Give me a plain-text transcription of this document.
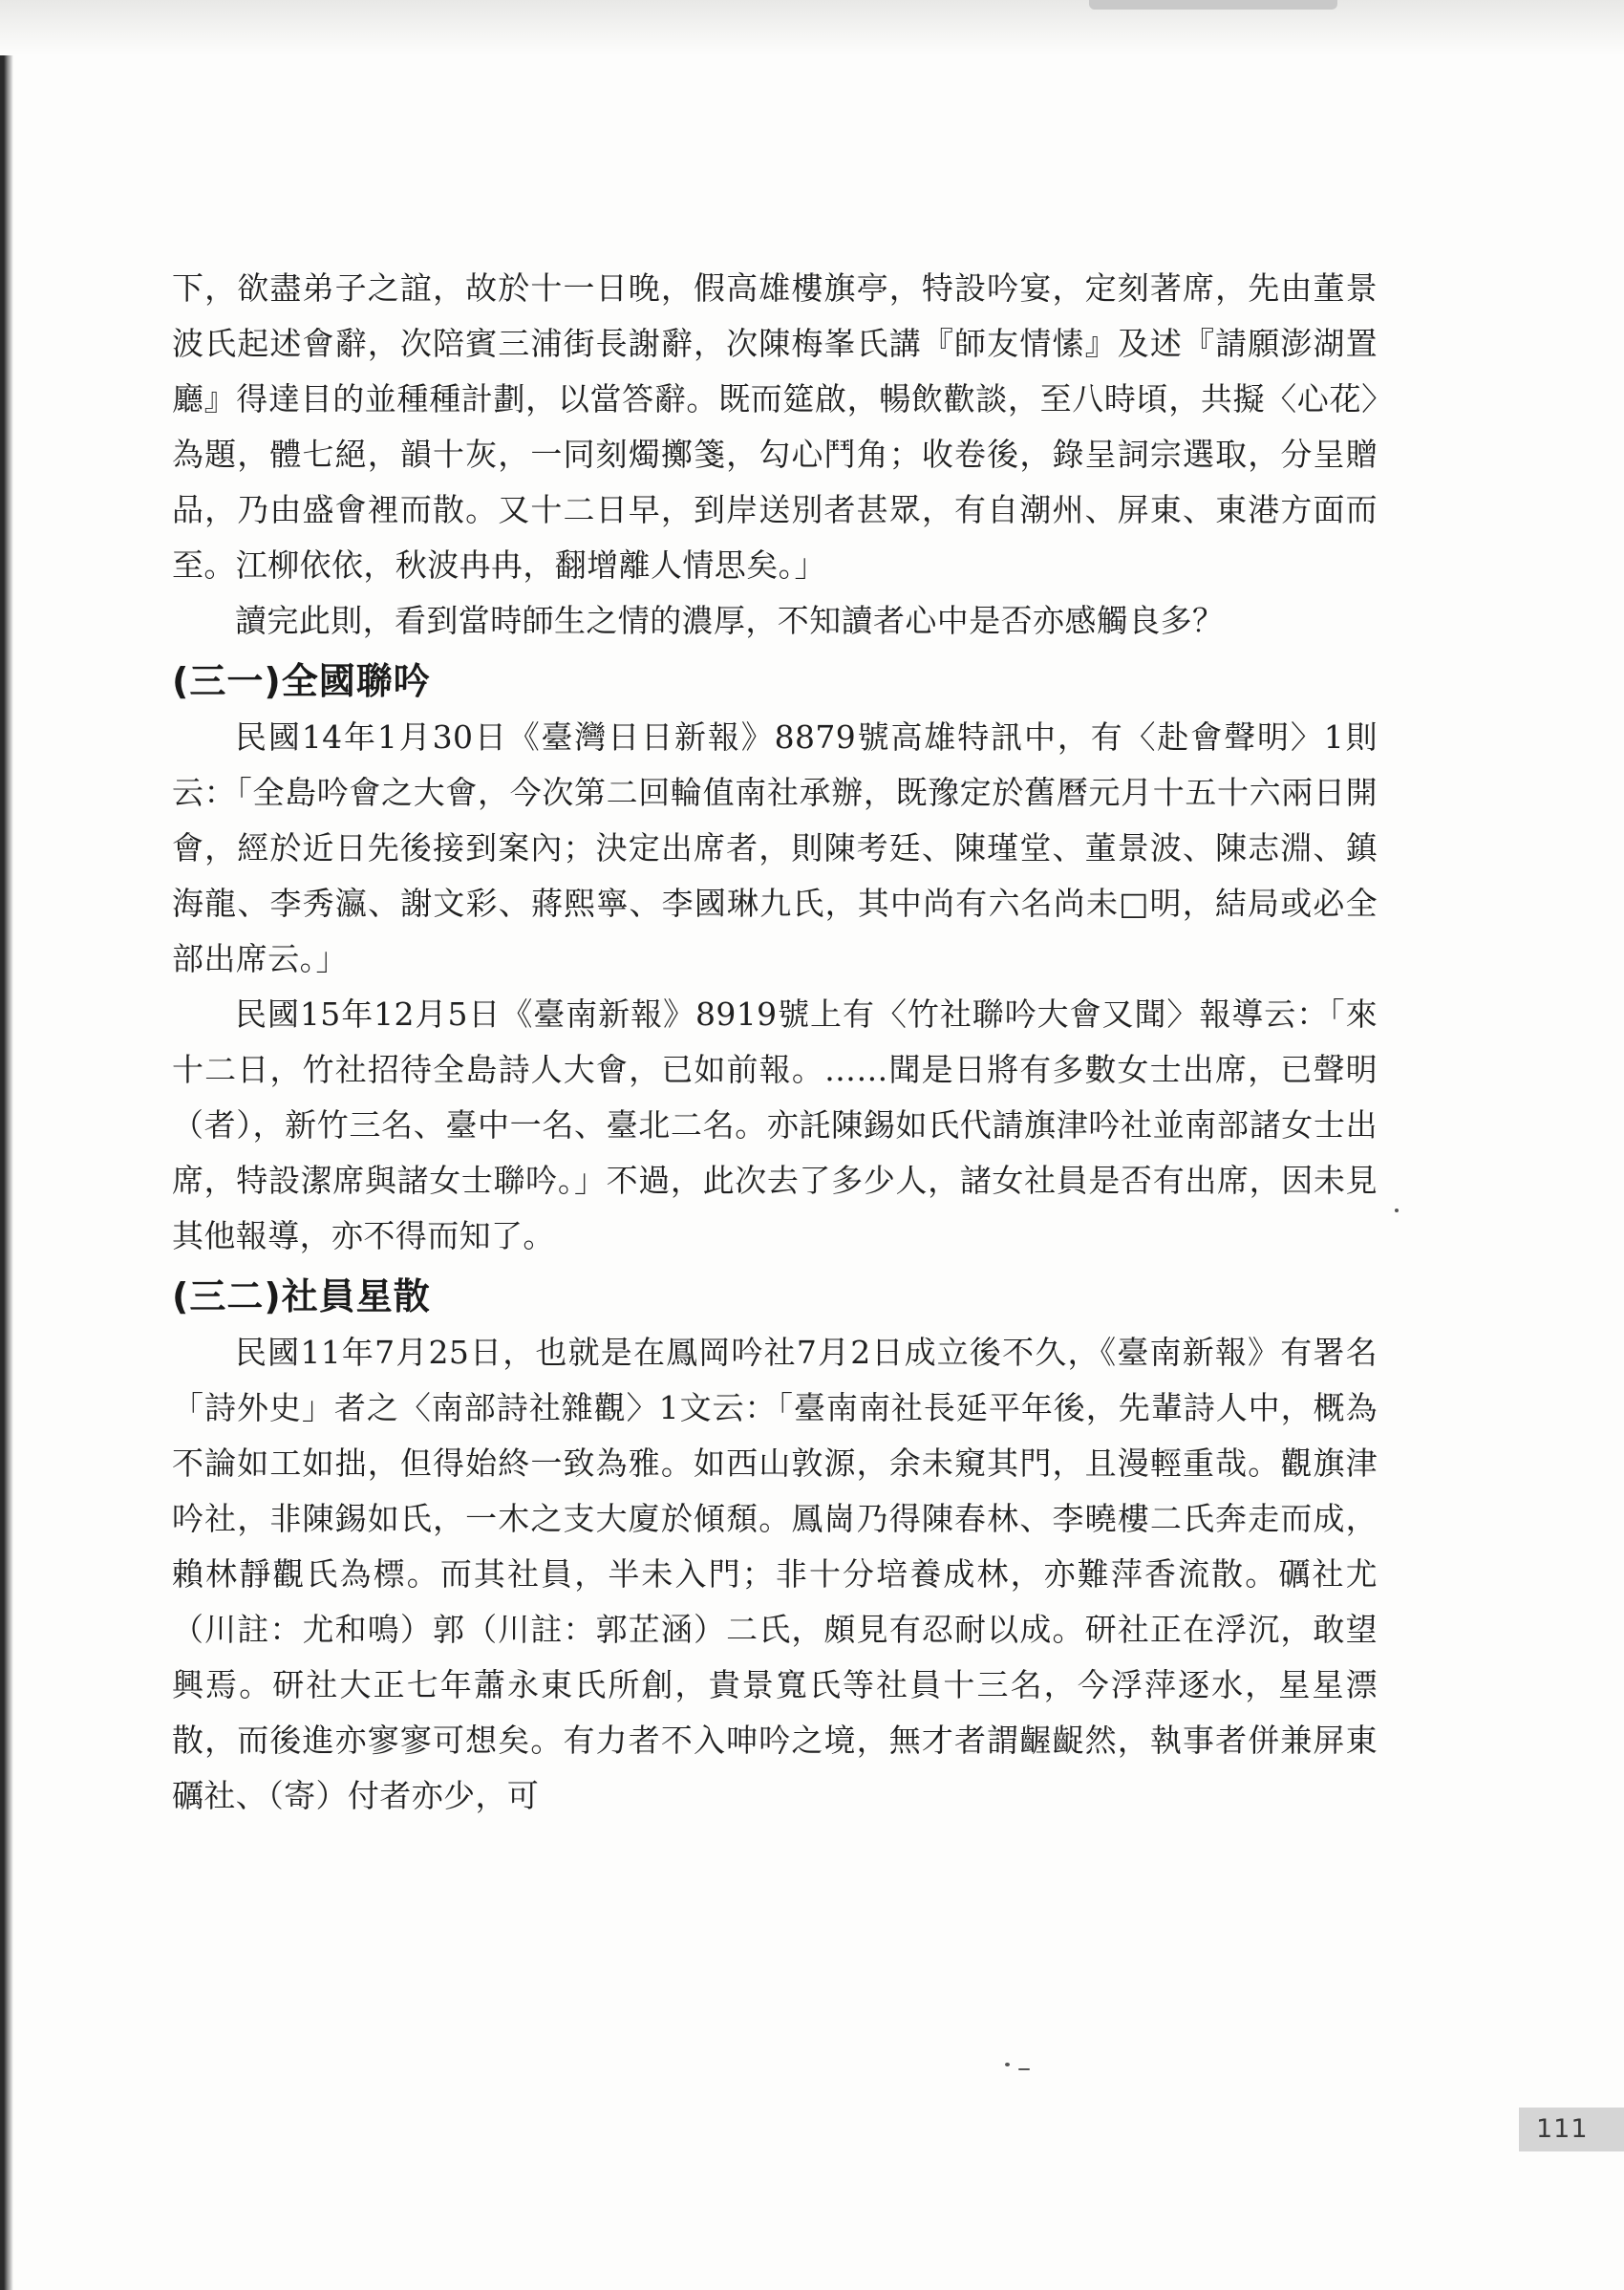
下，欲盡弟子之誼，故於十一日晚，假高雄樓旗亭，特設吟宴，定刻著席，先由董景波氏起述會辭，次陪賓三浦街長謝辭，次陳梅峯氏講『師友情愫』及述『請願澎湖置廳』得達目的並種種計劃，以當答辭。既而筵啟，暢飲歡談，至八時頃，共擬〈心花〉為題，體七絕，韻十灰，一同刻燭擲箋，勾心鬥角；收卷後，錄呈詞宗選取，分呈贈品，乃由盛會裡而散。又十二日早，到岸送別者甚眾，有自潮州、屏東、東港方面而至。江柳依依，秋波冉冉，翻增離人情思矣。」

讀完此則，看到當時師生之情的濃厚，不知讀者心中是否亦感觸良多？

(三一)全國聯吟

民國14年1月30日《臺灣日日新報》8879號高雄特訊中，有〈赴會聲明〉1則云：「全島吟會之大會，今次第二回輪值南社承辦，既豫定於舊曆元月十五十六兩日開會，經於近日先後接到案內；決定出席者，則陳考廷、陳瑾堂、董景波、陳志淵、鎮海龍、李秀瀛、謝文彩、蔣熙寧、李國琳九氏，其中尚有六名尚未□明，結局或必全部出席云。」

民國15年12月5日《臺南新報》8919號上有〈竹社聯吟大會又聞〉報導云：「來十二日，竹社招待全島詩人大會，已如前報。……聞是日將有多數女士出席，已聲明（者），新竹三名、臺中一名、臺北二名。亦託陳錫如氏代請旗津吟社並南部諸女士出席，特設潔席與諸女士聯吟。」不過，此次去了多少人，諸女社員是否有出席，因未見其他報導，亦不得而知了。

(三二)社員星散

民國11年7月25日，也就是在鳳岡吟社7月2日成立後不久，《臺南新報》有署名「詩外史」者之〈南部詩社雜觀〉1文云：「臺南南社長延平年後，先輩詩人中，概為不論如工如拙，但得始終一致為雅。如西山敦源，余未窺其門，且漫輕重哉。觀旗津吟社，非陳錫如氏，一木之支大廈於傾頹。鳳崗乃得陳春林、李曉樓二氏奔走而成，賴林靜觀氏為標。而其社員，半未入門；非十分培養成林，亦難萍香流散。礪社尤（川註：尤和鳴）郭（川註：郭芷涵）二氏，頗見有忍耐以成。研社正在浮沉，敢望興焉。研社大正七年蕭永東氏所創，貴景寬氏等社員十三名，今浮萍逐水，星星漂散，而後進亦寥寥可想矣。有力者不入呻吟之境，無才者謂齷齪然，執事者併兼屏東礪社、（寄）付者亦少，可

111
